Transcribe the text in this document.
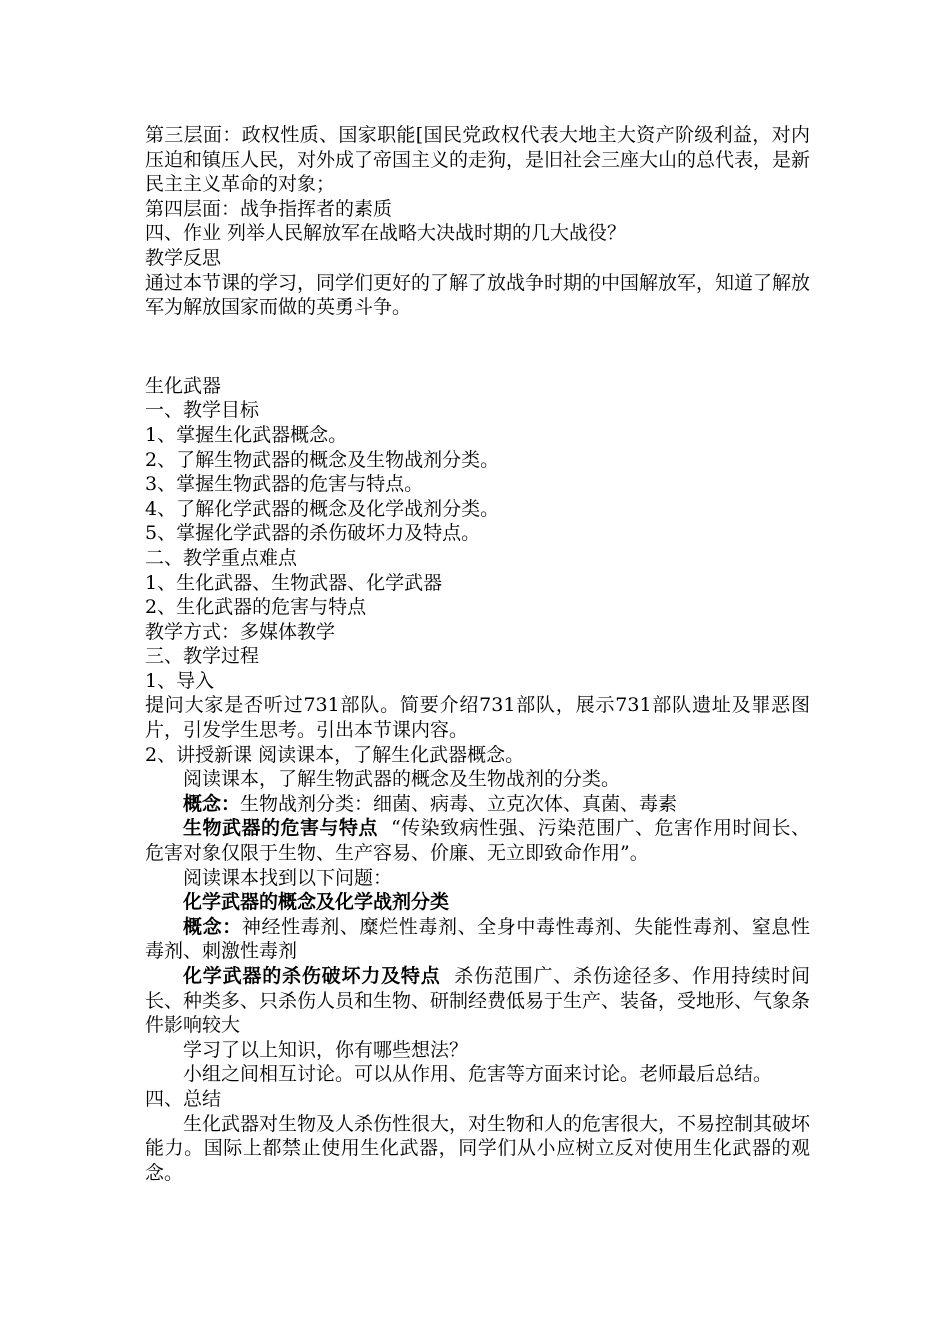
第三层面：政权性质、国家职能[国民党政权代表大地主大资产阶级利益，对内压迫和镇压人民，对外成了帝国主义的走狗，是旧社会三座大山的总代表，是新民主主义革命的对象；

第四层面：战争指挥者的素质

四、作业 列举人民解放军在战略大决战时期的几大战役？

教学反思

通过本节课的学习，同学们更好的了解了放战争时期的中国解放军，知道了解放军为解放国家而做的英勇斗争。

生化武器

一、教学目标

1、掌握生化武器概念。

2、了解生物武器的概念及生物战剂分类。

3、掌握生物武器的危害与特点。

4、了解化学武器的概念及化学战剂分类。

5、掌握化学武器的杀伤破坏力及特点。

二、教学重点难点

1、生化武器、生物武器、化学武器

2、生化武器的危害与特点

教学方式：多媒体教学

三、教学过程

1、导入

提问大家是否听过731部队。简要介绍731部队，展示731部队遗址及罪恶图片，引发学生思考。引出本节课内容。

2、讲授新课 阅读课本，了解生化武器概念。

阅读课本，了解生物武器的概念及生物战剂的分类。

概念：生物战剂分类：细菌、病毒、立克次体、真菌、毒素

生物武器的危害与特点  “传染致病性强、污染范围广、危害作用时间长、危害对象仅限于生物、生产容易、价廉、无立即致命作用”。

阅读课本找到以下问题：

化学武器的概念及化学战剂分类

概念：神经性毒剂、糜烂性毒剂、全身中毒性毒剂、失能性毒剂、窒息性毒剂、刺激性毒剂

化学武器的杀伤破坏力及特点  杀伤范围广、杀伤途径多、作用持续时间长、种类多、只杀伤人员和生物、研制经费低易于生产、装备，受地形、气象条件影响较大

学习了以上知识，你有哪些想法？

小组之间相互讨论。可以从作用、危害等方面来讨论。老师最后总结。

四、总结

生化武器对生物及人杀伤性很大，对生物和人的危害很大，不易控制其破坏能力。国际上都禁止使用生化武器，同学们从小应树立反对使用生化武器的观念。
